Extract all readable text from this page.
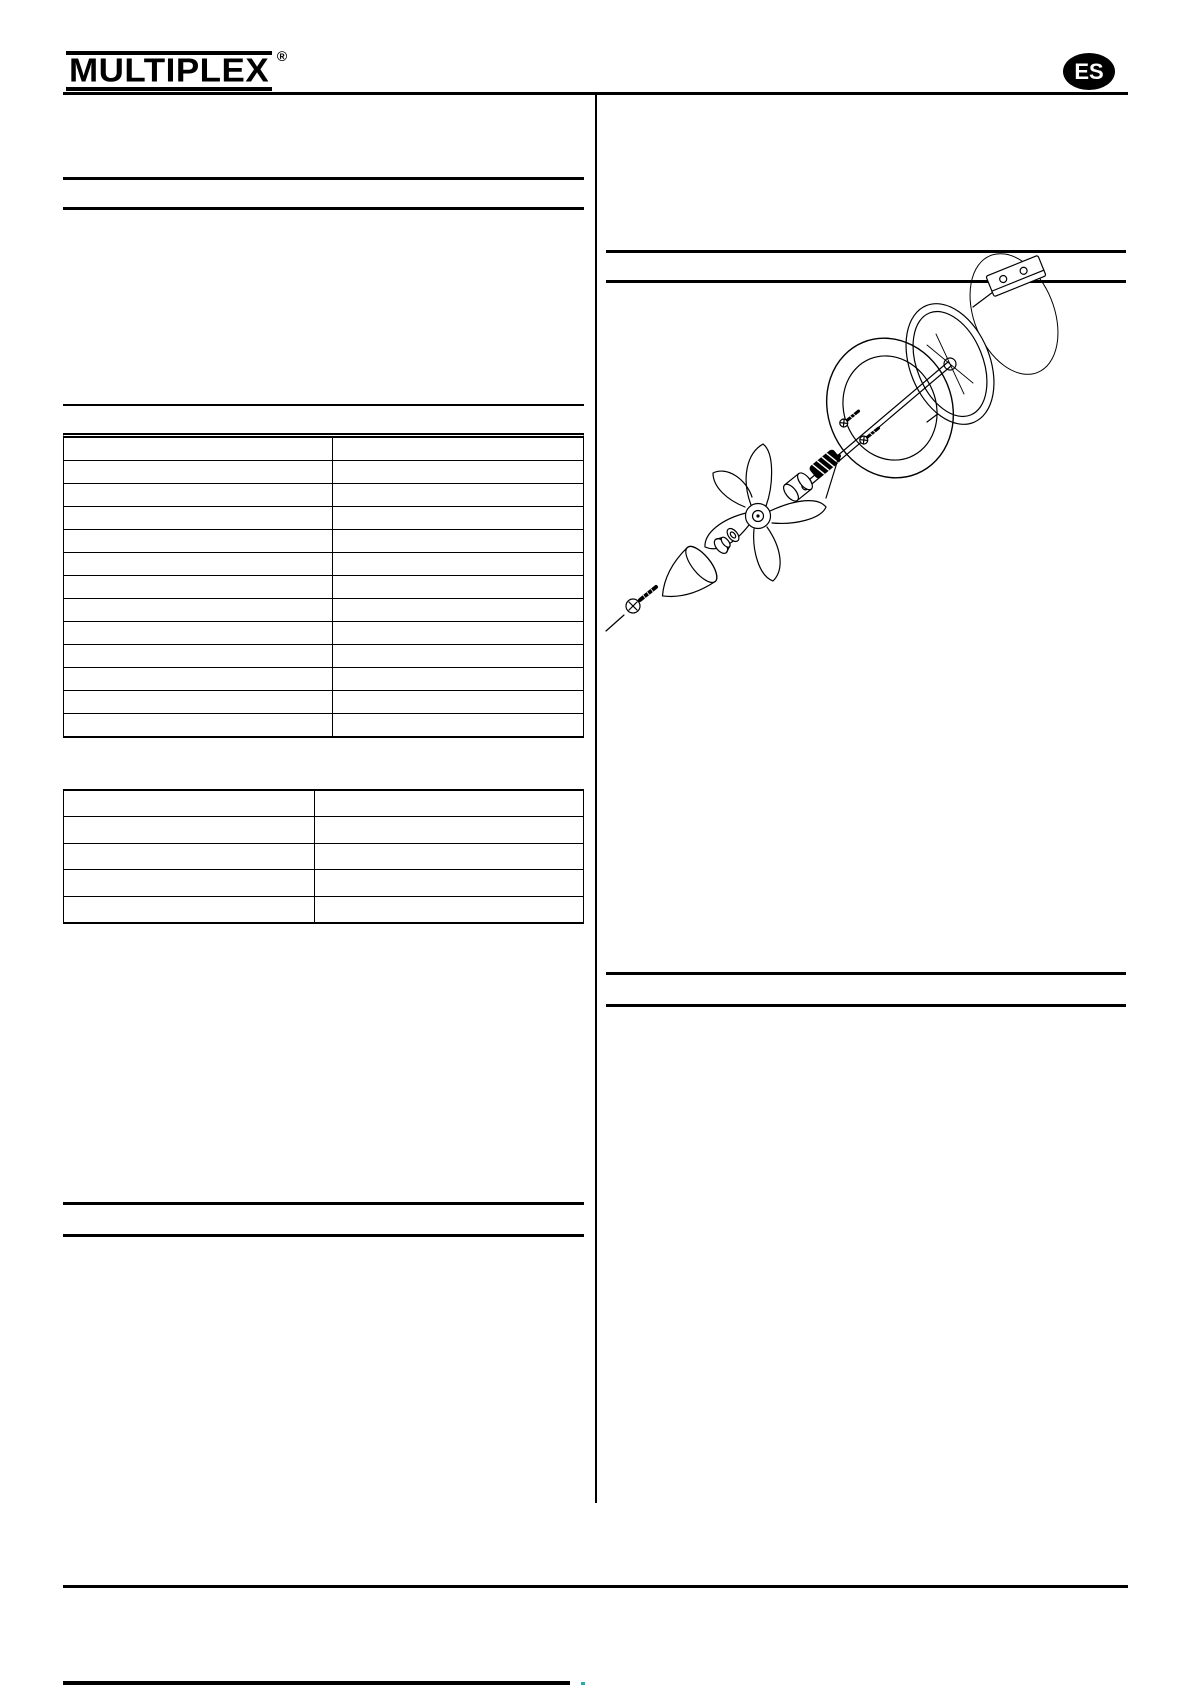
MULTIPLEX ®
ES
